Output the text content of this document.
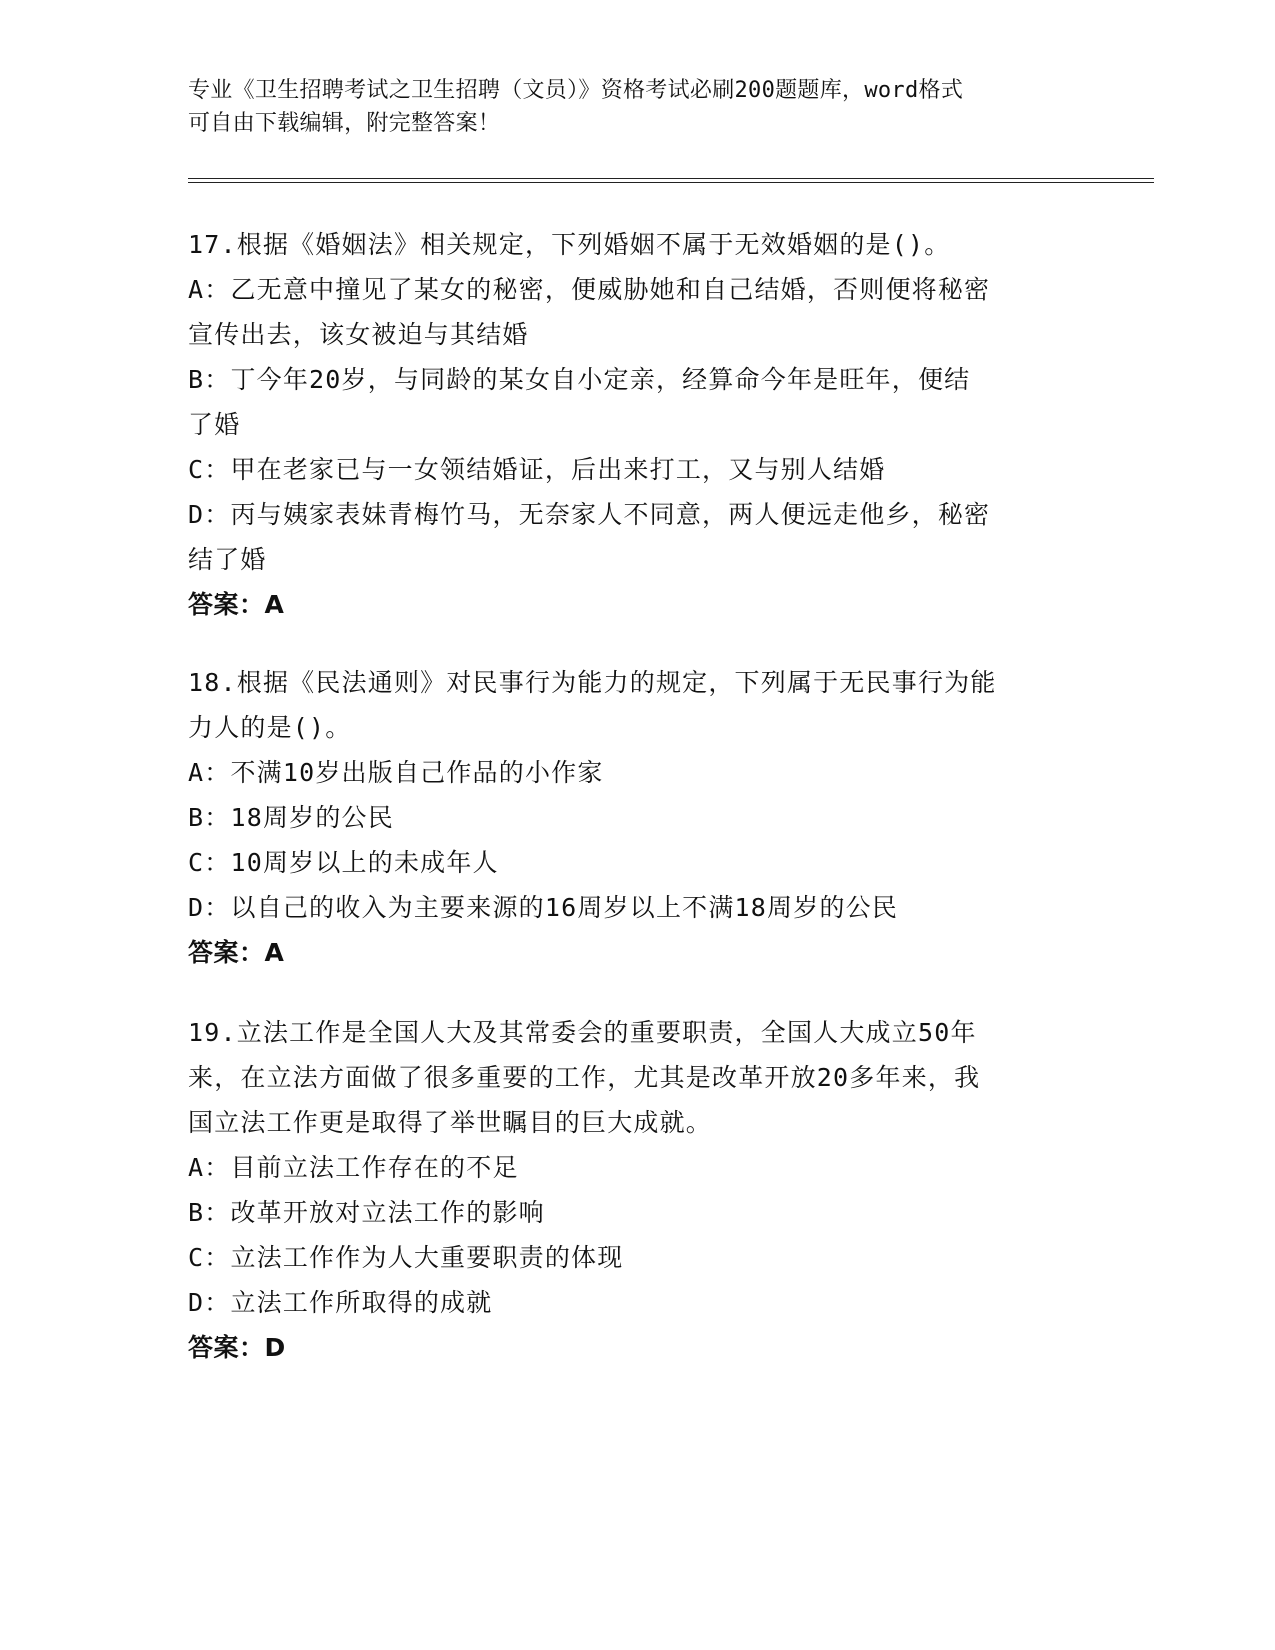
专业《卫生招聘考试之卫生招聘（文员）》资格考试必刷200题题库，word格式
可自由下载编辑，附完整答案！
17.根据《婚姻法》相关规定，下列婚姻不属于无效婚姻的是()。
A：乙无意中撞见了某女的秘密，便威胁她和自己结婚，否则便将秘密
宣传出去，该女被迫与其结婚
B：丁今年20岁，与同龄的某女自小定亲，经算命今年是旺年，便结
了婚
C：甲在老家已与一女领结婚证，后出来打工，又与别人结婚
D：丙与姨家表妹青梅竹马，无奈家人不同意，两人便远走他乡，秘密
结了婚
答案：A
18.根据《民法通则》对民事行为能力的规定，下列属于无民事行为能
力人的是()。
A：不满10岁出版自己作品的小作家
B：18周岁的公民
C：10周岁以上的未成年人
D：以自己的收入为主要来源的16周岁以上不满18周岁的公民
答案：A
19.立法工作是全国人大及其常委会的重要职责，全国人大成立50年
来，在立法方面做了很多重要的工作，尤其是改革开放20多年来，我
国立法工作更是取得了举世瞩目的巨大成就。
A：目前立法工作存在的不足
B：改革开放对立法工作的影响
C：立法工作作为人大重要职责的体现
D：立法工作所取得的成就
答案：D
